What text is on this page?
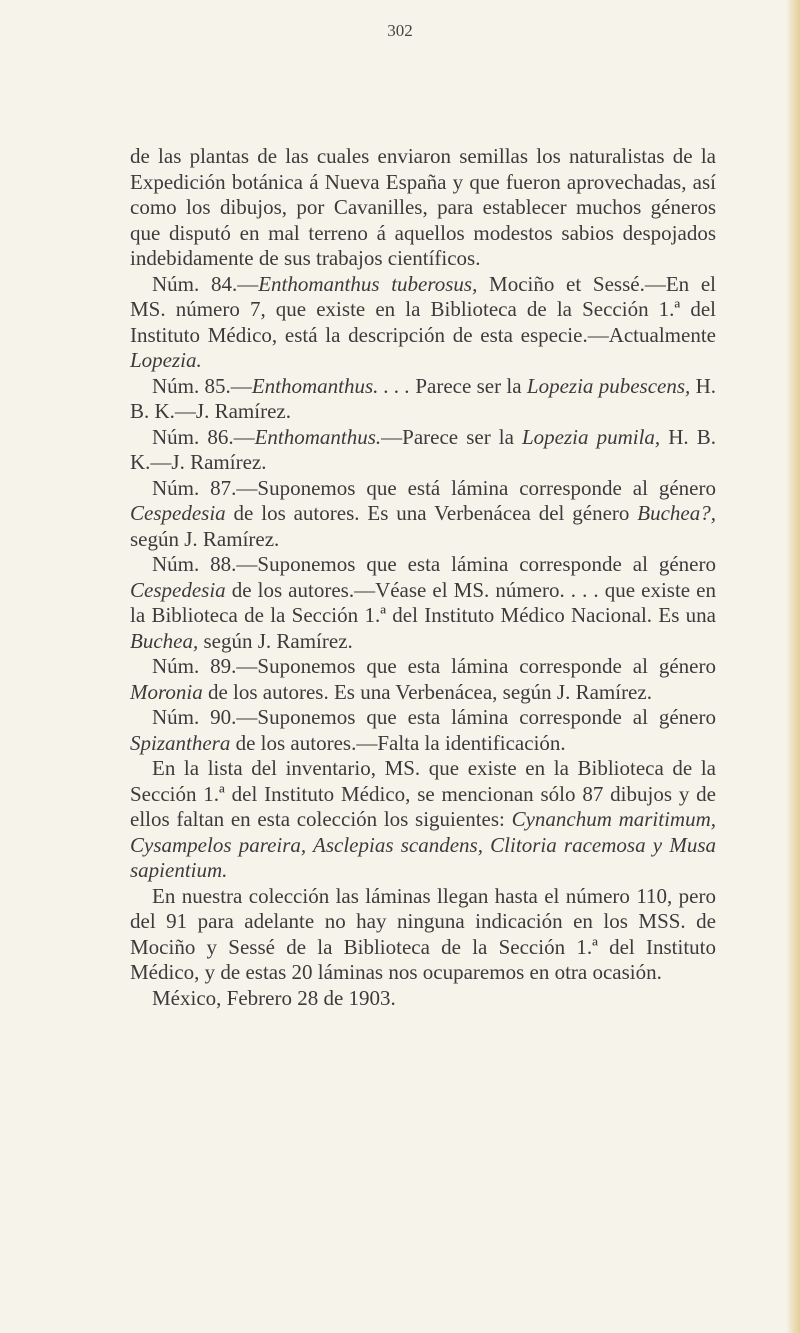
302

de las plantas de las cuales enviaron semillas los naturalistas de la Expedición botánica á Nueva España y que fueron aprovechadas, así como los dibujos, por Cavanilles, para establecer muchos géneros que disputó en mal terreno á aquellos modestos sabios despojados indebidamente de sus trabajos científicos.

Núm. 84.—Enthomanthus tuberosus, Mociño et Sessé.—En el MS. número 7, que existe en la Biblioteca de la Sección 1.ª del Instituto Médico, está la descripción de esta especie.—Actualmente Lopezia.

Núm. 85.—Enthomanthus. . . . Parece ser la Lopezia pubescens, H. B. K.—J. Ramírez.

Núm. 86.—Enthomanthus.—Parece ser la Lopezia pumila, H. B. K.—J. Ramírez.

Núm. 87.—Suponemos que está lámina corresponde al género Cespedesia de los autores. Es una Verbenácea del género Buchea?, según J. Ramírez.

Núm. 88.—Suponemos que esta lámina corresponde al género Cespedesia de los autores.—Véase el MS. número. . . . que existe en la Biblioteca de la Sección 1.ª del Instituto Médico Nacional. Es una Buchea, según J. Ramírez.

Núm. 89.—Suponemos que esta lámina corresponde al género Moronia de los autores. Es una Verbenácea, según J. Ramírez.

Núm. 90.—Suponemos que esta lámina corresponde al género Spizanthera de los autores.—Falta la identificación.

En la lista del inventario, MS. que existe en la Biblioteca de la Sección 1.ª del Instituto Médico, se mencionan sólo 87 dibujos y de ellos faltan en esta colección los siguientes: Cynanchum maritimum, Cysampelos pareira, Asclepias scandens, Clitoria racemosa y Musa sapientium.

En nuestra colección las láminas llegan hasta el número 110, pero del 91 para adelante no hay ninguna indicación en los MSS. de Mociño y Sessé de la Biblioteca de la Sección 1.ª del Instituto Médico, y de estas 20 láminas nos ocuparemos en otra ocasión.

México, Febrero 28 de 1903.
